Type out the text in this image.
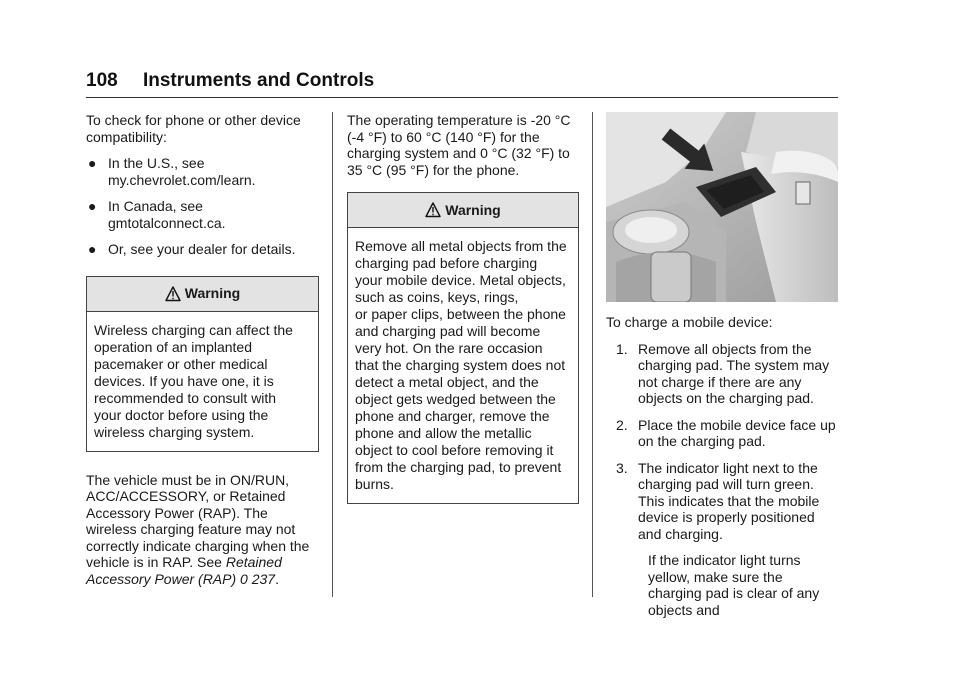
108 Instruments and Controls

To check for phone or other device compatibility:

● In the U.S., see my.chevrolet.com/learn.
● In Canada, see gmtotalconnect.ca.
● Or, see your dealer for details.
Warning
Wireless charging can affect the
operation of an implanted
pacemaker or other medical
devices. If you have one, it is
recommended to consult with
your doctor before using the
wireless charging system.

The vehicle must be in ON/RUN, ACC/ACCESSORY, or Retained Accessory Power (RAP). The wireless charging feature may not correctly indicate charging when the vehicle is in RAP. See Retained Accessory Power (RAP) 0 237.

The operating temperature is -20 °C (-4 °F) to 60 °C (140 °F) for the charging system and 0 °C (32 °F) to 35 °C (95 °F) for the phone.

Warning
Remove all metal objects from the
charging pad before charging
your mobile device. Metal objects,
such as coins, keys, rings,
or paper clips, between the phone
and charging pad will become
very hot. On the rare occasion
that the charging system does not
detect a metal object, and the
object gets wedged between the
phone and charger, remove the
phone and allow the metallic
object to cool before removing it
from the charging pad, to prevent
burns.

To charge a mobile device:

1. Remove all objects from the charging pad. The system may not charge if there are any objects on the charging pad.
2. Place the mobile device face up on the charging pad.
3. The indicator light next to the charging pad will turn green. This indicates that the mobile device is properly positioned and charging.

If the indicator light turns yellow, make sure the charging pad is clear of any objects and
